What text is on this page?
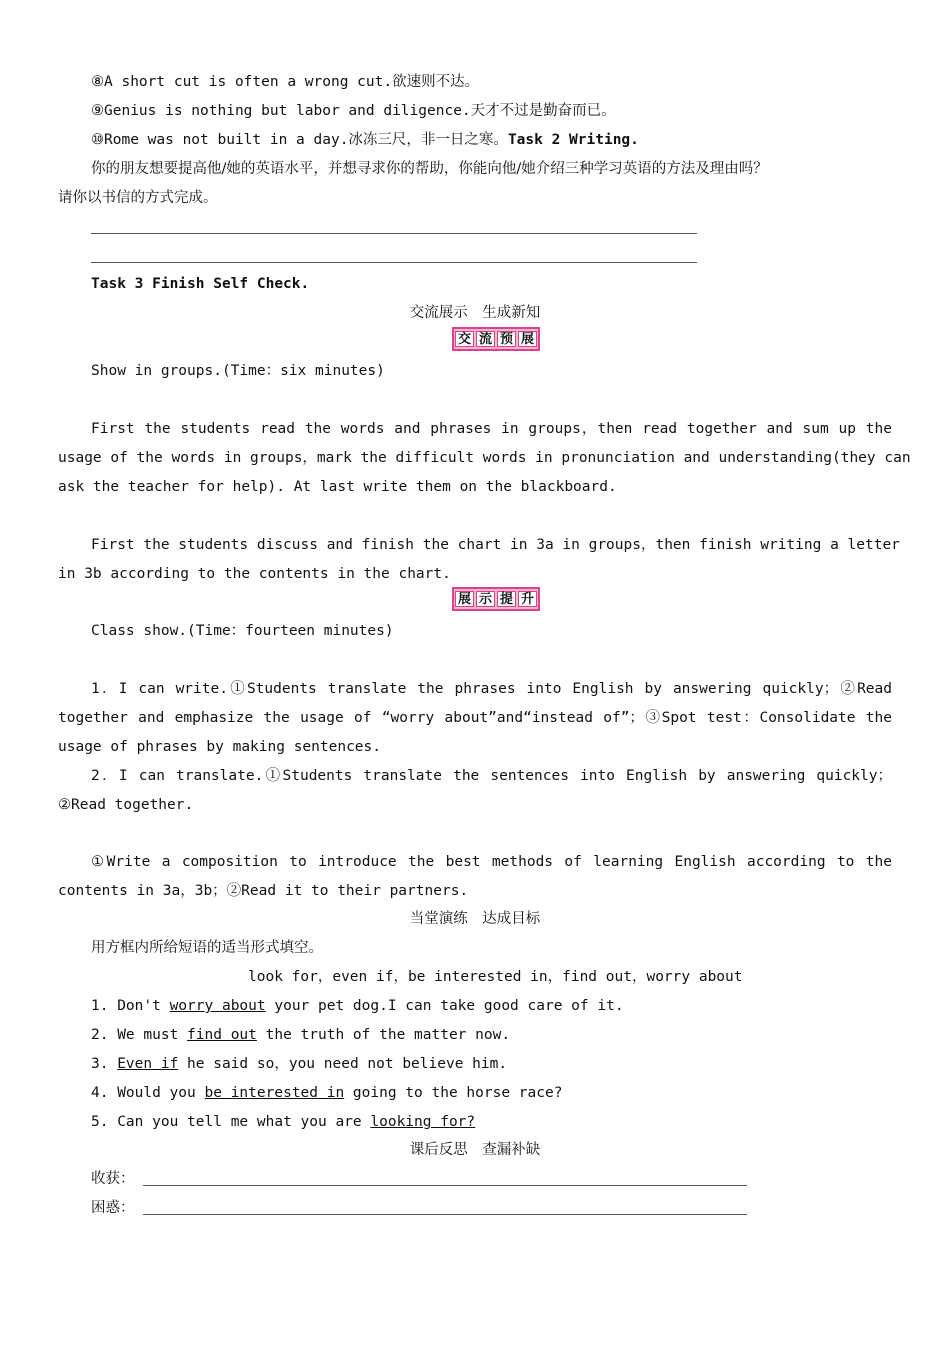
⑧A short cut is often a wrong cut.欲速则不达。
⑨Genius is nothing but labor and diligence.天才不过是勤奋而已。
⑩Rome was not built in a day.冰冻三尺，非一日之寒。Task 2 Writing.
你的朋友想要提高他/她的英语水平，并想寻求你的帮助，你能向他/她介绍三种学习英语的方法及理由吗？
请你以书信的方式完成。
Task 3 Finish Self Check.
交流展示　生成新知
交 流 预 展
Show in groups.(Time：six minutes)
First the students read the words and phrases in groups，then read together and sum up the
usage of the words in groups，mark the difficult words in pronunciation and understanding(they can
ask the teacher for help). At last write them on the blackboard.
First the students discuss and finish the chart in 3a in groups，then finish writing a letter
in 3b according to the contents in the chart.
展 示 提 升
Class show.(Time：fourteen minutes)
1．I can write.①Students translate the phrases into English by answering quickly；②Read
together and emphasize the usage of “worry about”and“instead of”；③Spot test：Consolidate the
usage of phrases by making sentences.
2．I can translate.①Students translate the sentences into English by answering quickly；
②Read together.
①Write a composition to introduce the best methods of learning English according to the
contents in 3a，3b；②Read it to their partners.
当堂演练　达成目标
用方框内所给短语的适当形式填空。
look for，even if，be interested in，find out，worry about
1. Don't worry about your pet dog.I can take good care of it.
2. We must find out the truth of the matter now.
3. Even if he said so，you need not believe him.
4. Would you be interested in going to the horse race?
5. Can you tell me what you are looking for?
课后反思　查漏补缺
收获：
困惑：
